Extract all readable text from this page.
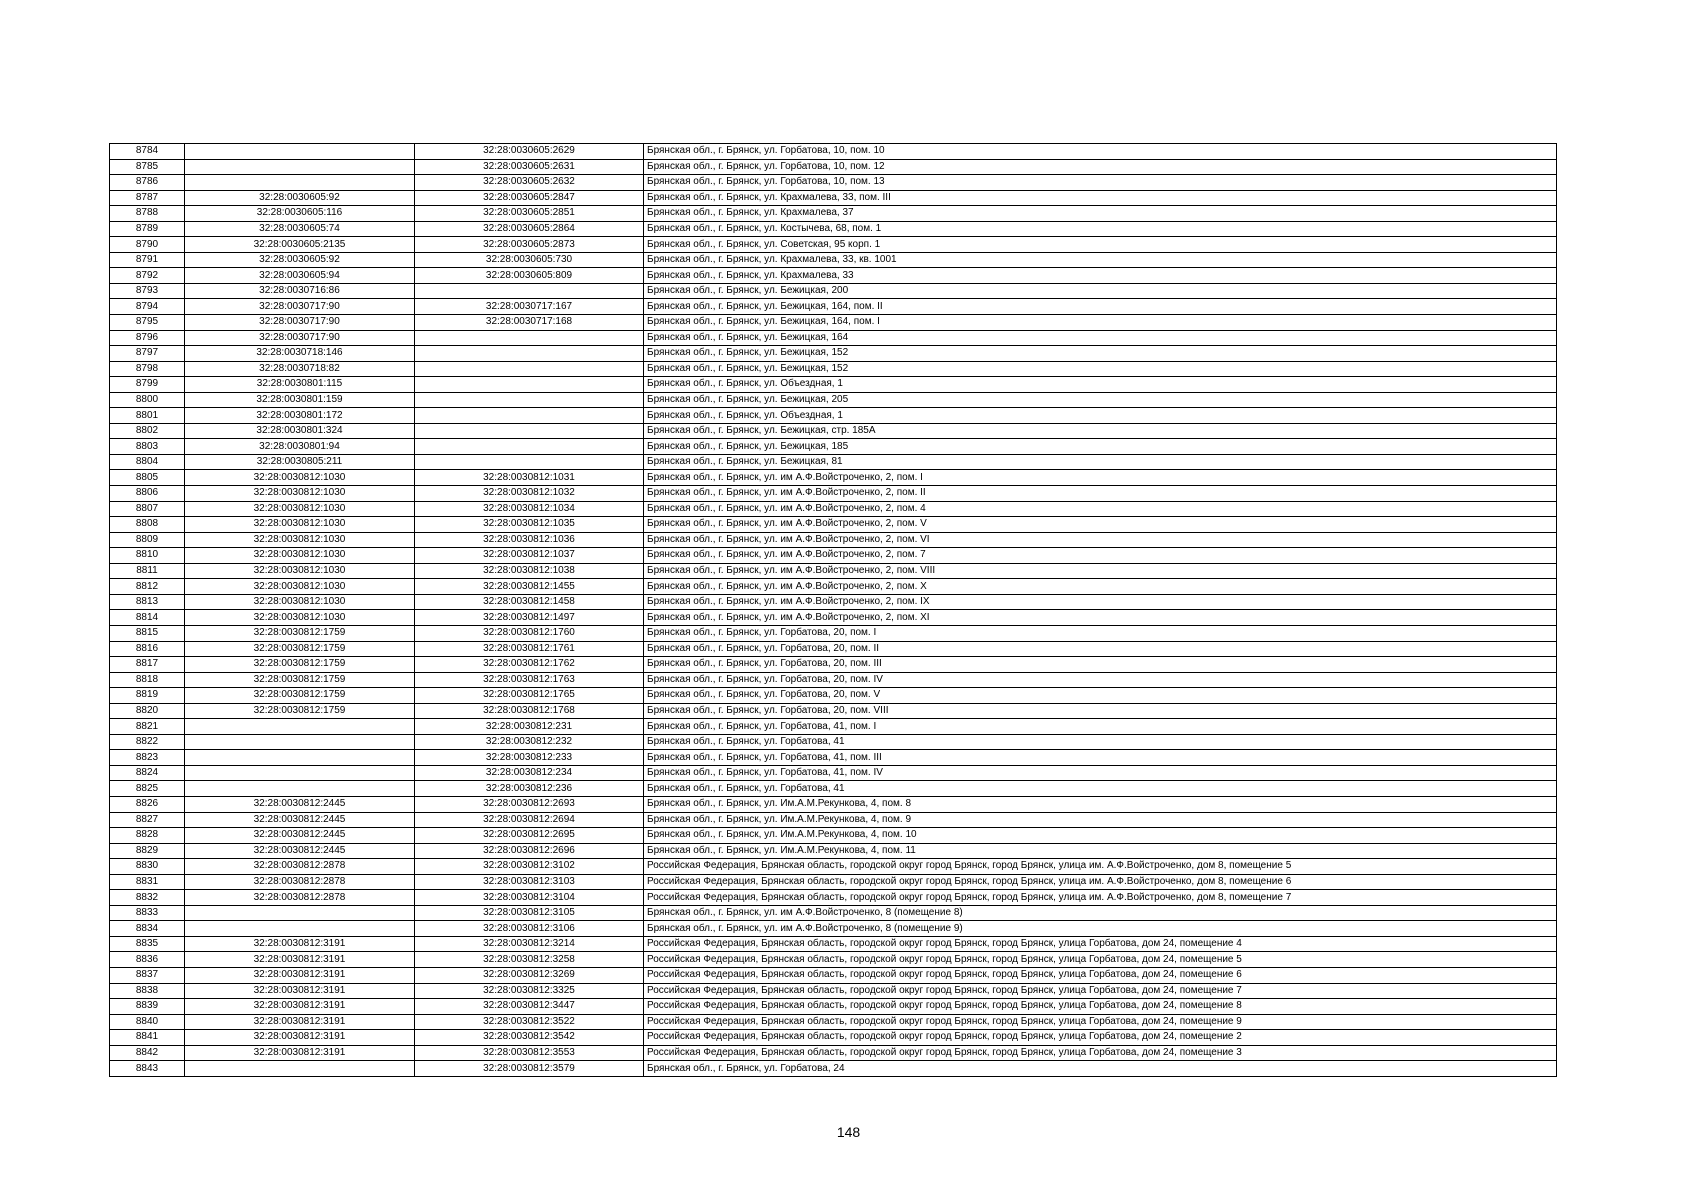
8784		32:28:0030605:2629	Брянская обл., г. Брянск, ул. Горбатова, 10, пом. 10
8785		32:28:0030605:2631	Брянская обл., г. Брянск, ул. Горбатова, 10, пом. 12
8786		32:28:0030605:2632	Брянская обл., г. Брянск, ул. Горбатова, 10, пом. 13
8787	32:28:0030605:92	32:28:0030605:2847	Брянская обл., г. Брянск, ул. Крахмалева, 33, пом. III
8788	32:28:0030605:116	32:28:0030605:2851	Брянская обл., г. Брянск, ул. Крахмалева, 37
8789	32:28:0030605:74	32:28:0030605:2864	Брянская обл., г. Брянск, ул. Костычева, 68, пом. 1
8790	32:28:0030605:2135	32:28:0030605:2873	Брянская обл., г. Брянск, ул. Советская, 95 корп. 1
8791	32:28:0030605:92	32:28:0030605:730	Брянская обл., г. Брянск, ул. Крахмалева, 33, кв. 1001
8792	32:28:0030605:94	32:28:0030605:809	Брянская обл., г. Брянск, ул. Крахмалева, 33
8793	32:28:0030716:86		Брянская обл., г. Брянск, ул. Бежицкая, 200
8794	32:28:0030717:90	32:28:0030717:167	Брянская обл., г. Брянск, ул. Бежицкая, 164, пом. II
8795	32:28:0030717:90	32:28:0030717:168	Брянская обл., г. Брянск, ул. Бежицкая, 164, пом. I
8796	32:28:0030717:90		Брянская обл., г. Брянск, ул. Бежицкая, 164
8797	32:28:0030718:146		Брянская обл., г. Брянск, ул. Бежицкая, 152
8798	32:28:0030718:82		Брянская обл., г. Брянск, ул. Бежицкая, 152
8799	32:28:0030801:115		Брянская обл., г. Брянск, ул. Объездная, 1
8800	32:28:0030801:159		Брянская обл., г. Брянск, ул. Бежицкая, 205
8801	32:28:0030801:172		Брянская обл., г. Брянск, ул. Объездная, 1
8802	32:28:0030801:324		Брянская обл., г. Брянск, ул. Бежицкая, стр. 185А
8803	32:28:0030801:94		Брянская обл., г. Брянск, ул. Бежицкая, 185
8804	32:28:0030805:211		Брянская обл., г. Брянск, ул. Бежицкая, 81
8805	32:28:0030812:1030	32:28:0030812:1031	Брянская обл., г. Брянск, ул. им А.Ф.Войстроченко, 2, пом. I
8806	32:28:0030812:1030	32:28:0030812:1032	Брянская обл., г. Брянск, ул. им А.Ф.Войстроченко, 2, пом. II
8807	32:28:0030812:1030	32:28:0030812:1034	Брянская обл., г. Брянск, ул. им А.Ф.Войстроченко, 2, пом. 4
8808	32:28:0030812:1030	32:28:0030812:1035	Брянская обл., г. Брянск, ул. им А.Ф.Войстроченко, 2, пом. V
8809	32:28:0030812:1030	32:28:0030812:1036	Брянская обл., г. Брянск, ул. им А.Ф.Войстроченко, 2, пом. VI
8810	32:28:0030812:1030	32:28:0030812:1037	Брянская обл., г. Брянск, ул. им А.Ф.Войстроченко, 2, пом. 7
8811	32:28:0030812:1030	32:28:0030812:1038	Брянская обл., г. Брянск, ул. им А.Ф.Войстроченко, 2, пом. VIII
8812	32:28:0030812:1030	32:28:0030812:1455	Брянская обл., г. Брянск, ул. им А.Ф.Войстроченко, 2, пом. X
8813	32:28:0030812:1030	32:28:0030812:1458	Брянская обл., г. Брянск, ул. им А.Ф.Войстроченко, 2, пом. IX
8814	32:28:0030812:1030	32:28:0030812:1497	Брянская обл., г. Брянск, ул. им А.Ф.Войстроченко, 2, пом. XI
8815	32:28:0030812:1759	32:28:0030812:1760	Брянская обл., г. Брянск, ул. Горбатова, 20, пом. I
8816	32:28:0030812:1759	32:28:0030812:1761	Брянская обл., г. Брянск, ул. Горбатова, 20, пом. II
8817	32:28:0030812:1759	32:28:0030812:1762	Брянская обл., г. Брянск, ул. Горбатова, 20, пом. III
8818	32:28:0030812:1759	32:28:0030812:1763	Брянская обл., г. Брянск, ул. Горбатова, 20, пом. IV
8819	32:28:0030812:1759	32:28:0030812:1765	Брянская обл., г. Брянск, ул. Горбатова, 20, пом. V
8820	32:28:0030812:1759	32:28:0030812:1768	Брянская обл., г. Брянск, ул. Горбатова, 20, пом. VIII
8821		32:28:0030812:231	Брянская обл., г. Брянск, ул. Горбатова, 41, пом. I
8822		32:28:0030812:232	Брянская обл., г. Брянск, ул. Горбатова, 41
8823		32:28:0030812:233	Брянская обл., г. Брянск, ул. Горбатова, 41, пом. III
8824		32:28:0030812:234	Брянская обл., г. Брянск, ул. Горбатова, 41, пом. IV
8825		32:28:0030812:236	Брянская обл., г. Брянск, ул. Горбатова, 41
8826	32:28:0030812:2445	32:28:0030812:2693	Брянская обл., г. Брянск, ул. Им.А.М.Рекункова, 4, пом. 8
8827	32:28:0030812:2445	32:28:0030812:2694	Брянская обл., г. Брянск, ул. Им.А.М.Рекункова, 4, пом. 9
8828	32:28:0030812:2445	32:28:0030812:2695	Брянская обл., г. Брянск, ул. Им.А.М.Рекункова, 4, пом. 10
8829	32:28:0030812:2445	32:28:0030812:2696	Брянская обл., г. Брянск, ул. Им.А.М.Рекункова, 4, пом. 11
8830	32:28:0030812:2878	32:28:0030812:3102	Российская Федерация, Брянская область, городской округ город Брянск, город Брянск, улица им. А.Ф.Войстроченко, дом 8, помещение 5
8831	32:28:0030812:2878	32:28:0030812:3103	Российская Федерация, Брянская область, городской округ город Брянск, город Брянск, улица им. А.Ф.Войстроченко, дом 8, помещение 6
8832	32:28:0030812:2878	32:28:0030812:3104	Российская Федерация, Брянская область, городской округ город Брянск, город Брянск, улица им. А.Ф.Войстроченко, дом 8, помещение 7
8833		32:28:0030812:3105	Брянская обл., г. Брянск, ул. им А.Ф.Войстроченко, 8 (помещение 8)
8834		32:28:0030812:3106	Брянская обл., г. Брянск, ул. им А.Ф.Войстроченко, 8 (помещение 9)
8835	32:28:0030812:3191	32:28:0030812:3214	Российская Федерация, Брянская область, городской округ город Брянск, город Брянск, улица Горбатова, дом 24, помещение 4
8836	32:28:0030812:3191	32:28:0030812:3258	Российская Федерация, Брянская область, городской округ город Брянск, город Брянск, улица Горбатова, дом 24, помещение 5
8837	32:28:0030812:3191	32:28:0030812:3269	Российская Федерация, Брянская область, городской округ город Брянск, город Брянск, улица Горбатова, дом 24, помещение 6
8838	32:28:0030812:3191	32:28:0030812:3325	Российская Федерация, Брянская область, городской округ город Брянск, город Брянск, улица Горбатова, дом 24, помещение 7
8839	32:28:0030812:3191	32:28:0030812:3447	Российская Федерация, Брянская область, городской округ город Брянск, город Брянск, улица Горбатова, дом 24, помещение 8
8840	32:28:0030812:3191	32:28:0030812:3522	Российская Федерация, Брянская область, городской округ город Брянск, город Брянск, улица Горбатова, дом 24, помещение 9
8841	32:28:0030812:3191	32:28:0030812:3542	Российская Федерация, Брянская область, городской округ город Брянск, город Брянск, улица Горбатова, дом 24, помещение 2
8842	32:28:0030812:3191	32:28:0030812:3553	Российская Федерация, Брянская область, городской округ город Брянск, город Брянск, улица Горбатова, дом 24, помещение 3
8843		32:28:0030812:3579	Брянская обл., г. Брянск, ул. Горбатова, 24
148
